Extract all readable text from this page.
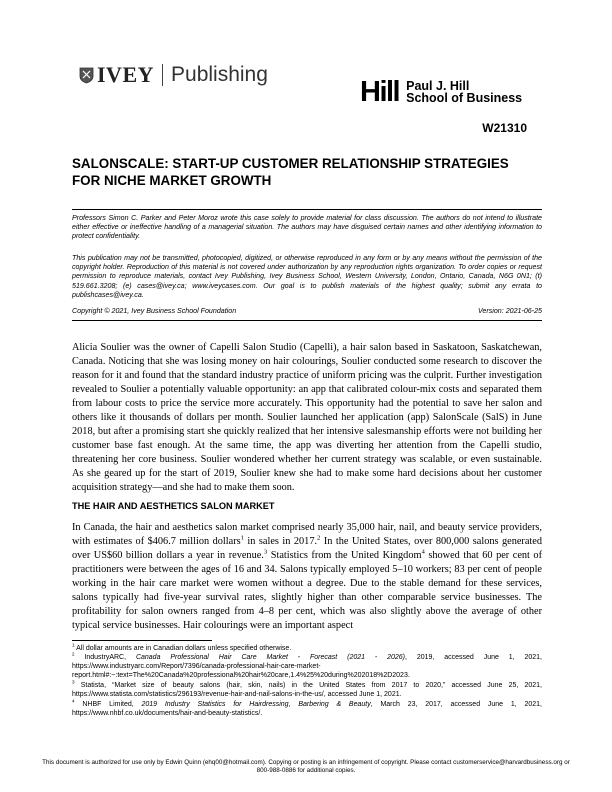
IVEY Publishing
Hill Paul J. Hill
School of Business
W21310
SALONSCALE: START-UP CUSTOMER RELATIONSHIP STRATEGIES
FOR NICHE MARKET GROWTH
Professors Simon C. Parker and Peter Moroz wrote this case solely to provide material for class discussion. The authors do not intend to illustrate either effective or ineffective handling of a managerial situation. The authors may have disguised certain names and other identifying information to protect confidentiality.
This publication may not be transmitted, photocopied, digitized, or otherwise reproduced in any form or by any means without the permission of the copyright holder. Reproduction of this material is not covered under authorization by any reproduction rights organization. To order copies or request permission to reproduce materials, contact Ivey Publishing, Ivey Business School, Western University, London, Ontario, Canada, N6G 0N1; (t) 519.661.3208; (e) cases@ivey.ca; www.iveycases.com. Our goal is to publish materials of the highest quality; submit any errata to publishcases@ivey.ca.
Copyright © 2021, Ivey Business School Foundation	Version: 2021-06-25
Alicia Soulier was the owner of Capelli Salon Studio (Capelli), a hair salon based in Saskatoon, Saskatchewan, Canada. Noticing that she was losing money on hair colourings, Soulier conducted some research to discover the reason for it and found that the standard industry practice of uniform pricing was the culprit. Further investigation revealed to Soulier a potentially valuable opportunity: an app that calibrated colour-mix costs and separated them from labour costs to price the service more accurately. This opportunity had the potential to save her salon and others like it thousands of dollars per month. Soulier launched her application (app) SalonScale (SalS) in June 2018, but after a promising start she quickly realized that her intensive salesmanship efforts were not building her customer base fast enough. At the same time, the app was diverting her attention from the Capelli studio, threatening her core business. Soulier wondered whether her current strategy was scalable, or even sustainable. As she geared up for the start of 2019, Soulier knew she had to make some hard decisions about her customer acquisition strategy—and she had to make them soon.
THE HAIR AND AESTHETICS SALON MARKET
In Canada, the hair and aesthetics salon market comprised nearly 35,000 hair, nail, and beauty service providers, with estimates of $406.7 million dollars$^1$ in sales in 2017.$^2$ In the United States, over 800,000 salons generated over US$60 billion dollars a year in revenue.$^3$ Statistics from the United Kingdom$^4$ showed that 60 per cent of practitioners were between the ages of 16 and 34. Salons typically employed 5–10 workers; 83 per cent of people working in the hair care market were women without a degree. Due to the stable demand for these services, salons typically had five-year survival rates, slightly higher than other comparable service businesses. The profitability for salon owners ranged from 4–8 per cent, which was also slightly above the average of other typical service businesses. Hair colourings were an important aspect
$^1$ All dollar amounts are in Canadian dollars unless specified otherwise.
$^2$ IndustryARC, Canada Professional Hair Care Market - Forecast (2021 - 2026), 2019, accessed June 1, 2021, https://www.industryarc.com/Report/7396/canada-professional-hair-care-market-report.html#:~:text=The%20Canada%20professional%20hair%20care,1.4%25%20during%202018%2D2023.
$^3$ Statista, “Market size of beauty salons (hair, skin, nails) in the United States from 2017 to 2020,” accessed June 25, 2021, https://www.statista.com/statistics/296193/revenue-hair-and-nail-salons-in-the-us/, accessed June 1, 2021.
$^4$ NHBF Limited, 2019 Industry Statistics for Hairdressing, Barbering & Beauty, March 23, 2017, accessed June 1, 2021, https://www.nhbf.co.uk/documents/hair-and-beauty-statistics/.
This document is authorized for use only by Edwin Quinn (ehq00@hotmail.com). Copying or posting is an infringement of copyright. Please contact customerservice@harvardbusiness.org or
800-988-0886 for additional copies.
